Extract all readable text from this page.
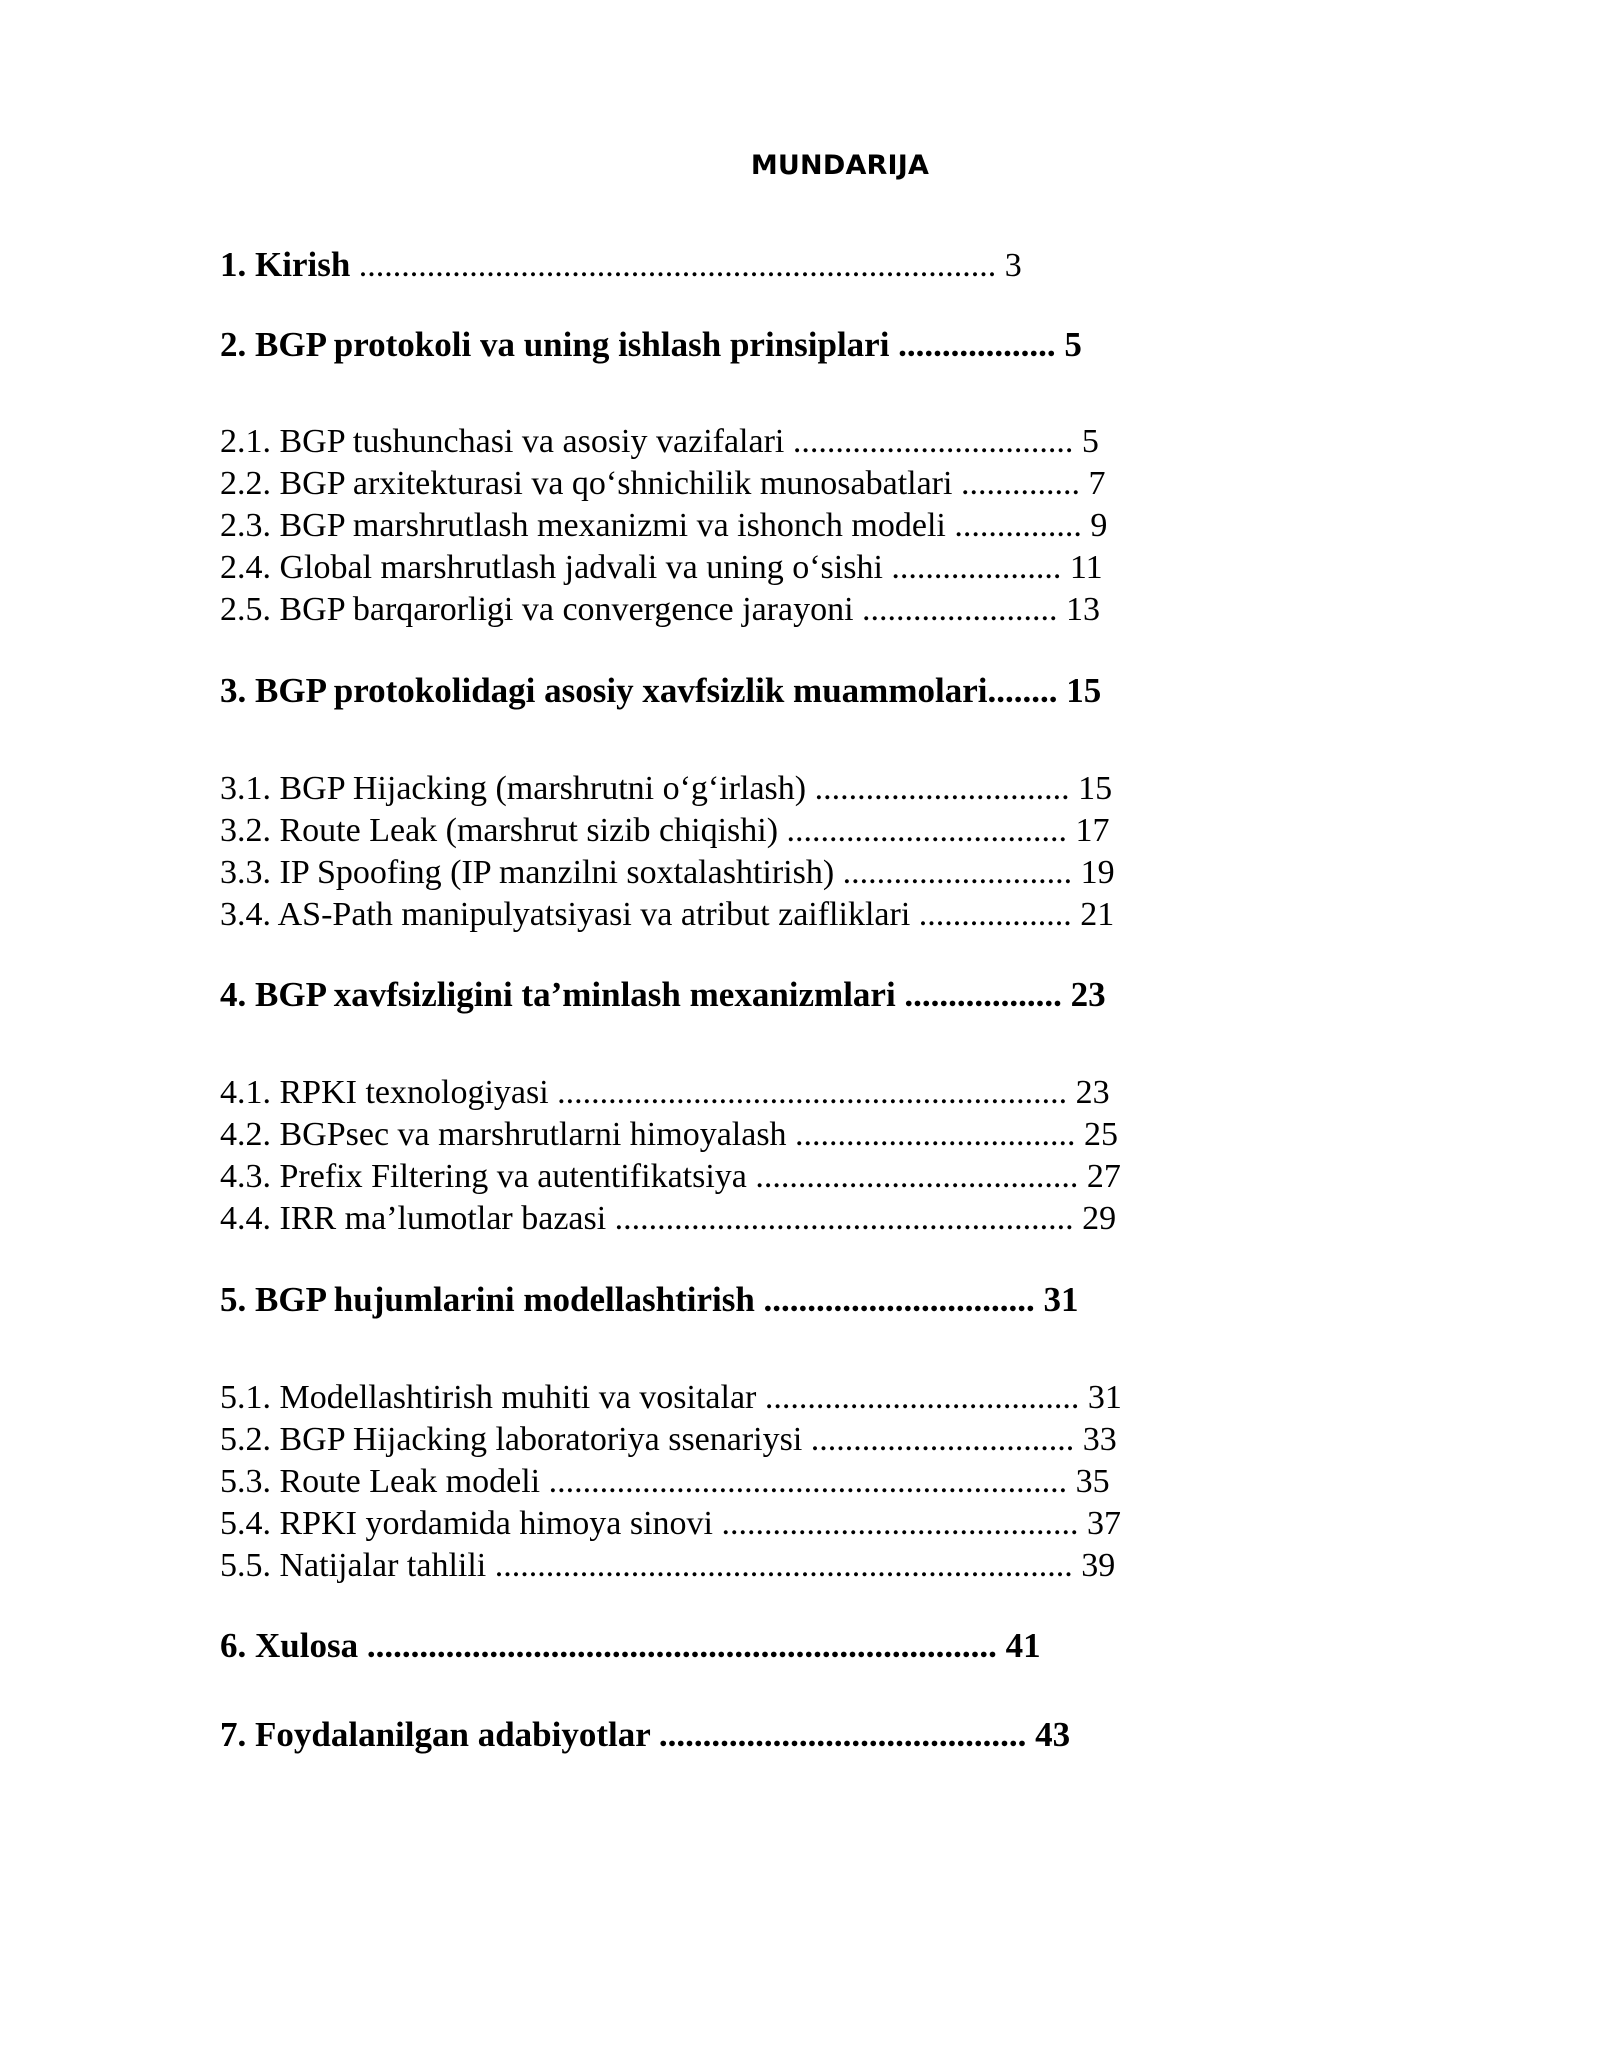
MUNDARIJA

1. Kirish ........................................................................... 3

2. BGP protokoli va uning ishlash prinsiplari .................. 5

2.1. BGP tushunchasi va asosiy vazifalari ................................. 5

2.2. BGP arxitekturasi va qo‘shnichilik munosabatlari .............. 7

2.3. BGP marshrutlash mexanizmi va ishonch modeli ............... 9

2.4. Global marshrutlash jadvali va uning o‘sishi .................... 11

2.5. BGP barqarorligi va convergence jarayoni ....................... 13

3. BGP protokolidagi asosiy xavfsizlik muammolari........ 15

3.1. BGP Hijacking (marshrutni o‘g‘irlash) .............................. 15

3.2. Route Leak (marshrut sizib chiqishi) ................................. 17

3.3. IP Spoofing (IP manzilni soxtalashtirish) ........................... 19

3.4. AS-Path manipulyatsiyasi va atribut zaifliklari .................. 21

4. BGP xavfsizligini ta’minlash mexanizmlari .................. 23

4.1. RPKI texnologiyasi ............................................................ 23

4.2. BGPsec va marshrutlarni himoyalash ................................. 25

4.3. Prefix Filtering va autentifikatsiya ...................................... 27

4.4. IRR ma’lumotlar bazasi ...................................................... 29

5. BGP hujumlarini modellashtirish ............................... 31

5.1. Modellashtirish muhiti va vositalar ..................................... 31

5.2. BGP Hijacking laboratoriya ssenariysi ............................... 33

5.3. Route Leak modeli ............................................................. 35

5.4. RPKI yordamida himoya sinovi .......................................... 37

5.5. Natijalar tahlili .................................................................... 39

6. Xulosa ........................................................................ 41

7. Foydalanilgan adabiyotlar .......................................... 43
